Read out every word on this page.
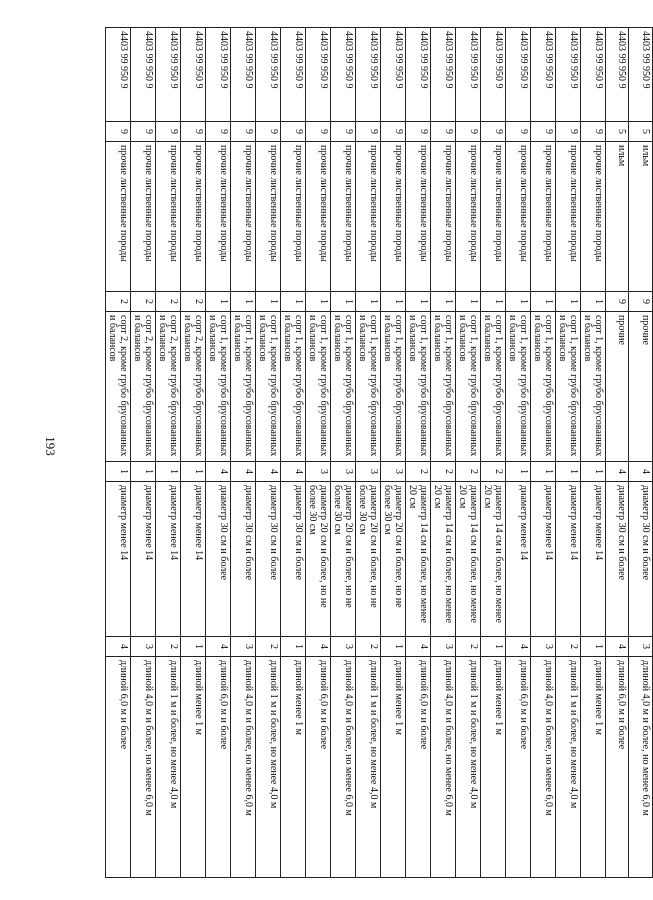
193
4403 99 950 9	5	ильм	9	прочие	4	диаметр 30 см и более	3	длиной 4,0 м и более, но менее 6,0 м
4403 99 950 9	5	ильм	9	прочие	4	диаметр 30 см и более	4	длиной 6,0 м и более
4403 99 950 9	9	прочие лиственные породы	1	сорт 1, кроме грубо брусованных и балансов	1	диаметр менее 14	1	длиной менее 1 м
4403 99 950 9	9	прочие лиственные породы	1	сорт 1, кроме грубо брусованных и балансов	1	диаметр менее 14	2	длиной 1 м и более, но менее 4,0 м
4403 99 950 9	9	прочие лиственные породы	1	сорт 1, кроме грубо брусованных и балансов	1	диаметр менее 14	3	длиной 4,0 м и более, но менее 6,0 м
4403 99 950 9	9	прочие лиственные породы	1	сорт 1, кроме грубо брусованных и балансов	1	диаметр менее 14	4	длиной 6,0 м и более
4403 99 950 9	9	прочие лиственные породы	1	сорт 1, кроме грубо брусованных и балансов	2	диаметр 14 см и более, но менее 20 см	1	длиной менее 1 м
4403 99 950 9	9	прочие лиственные породы	1	сорт 1, кроме грубо брусованных и балансов	2	диаметр 14 см и более, но менее 20 см	2	длиной 1 м и более, но менее 4,0 м
4403 99 950 9	9	прочие лиственные породы	1	сорт 1, кроме грубо брусованных и балансов	2	диаметр 14 см и более, но менее 20 см	3	длиной 4,0 м и более, но менее 6,0 м
4403 99 950 9	9	прочие лиственные породы	1	сорт 1, кроме грубо брусованных и балансов	2	диаметр 14 см и более, но менее 20 см	4	длиной 6,0 м и более
4403 99 950 9	9	прочие лиственные породы	1	сорт 1, кроме грубо брусованных и балансов	3	диаметр 20 см и более, но не более 30 см	1	длиной менее 1 м
4403 99 950 9	9	прочие лиственные породы	1	сорт 1, кроме грубо брусованных и балансов	3	диаметр 20 см и более, но не более 30 см	2	длиной 1 м и более, но менее 4,0 м
4403 99 950 9	9	прочие лиственные породы	1	сорт 1, кроме грубо брусованных и балансов	3	диаметр 20 см и более, но не более 30 см	3	длиной 4,0 м и более, но менее 6,0 м
4403 99 950 9	9	прочие лиственные породы	1	сорт 1, кроме грубо брусованных и балансов	3	диаметр 20 см и более, но не более 30 см	4	длиной 6,0 м и более
4403 99 950 9	9	прочие лиственные породы	1	сорт 1, кроме грубо брусованных и балансов	4	диаметр 30 см и более	1	длиной менее 1 м
4403 99 950 9	9	прочие лиственные породы	1	сорт 1, кроме грубо брусованных и балансов	4	диаметр 30 см и более	2	длиной 1 м и более, но менее 4,0 м
4403 99 950 9	9	прочие лиственные породы	1	сорт 1, кроме грубо брусованных и балансов	4	диаметр 30 см и более	3	длиной 4,0 м и более, но менее 6,0 м
4403 99 950 9	9	прочие лиственные породы	1	сорт 1, кроме грубо брусованных и балансов	4	диаметр 30 см и более	4	длиной 6,0 м и более
4403 99 950 9	9	прочие лиственные породы	2	сорт 2, кроме грубо брусованных и балансов	1	диаметр менее 14	1	длиной менее 1 м
4403 99 950 9	9	прочие лиственные породы	2	сорт 2, кроме грубо брусованных и балансов	1	диаметр менее 14	2	длиной 1 м и более, но менее 4,0 м
4403 99 950 9	9	прочие лиственные породы	2	сорт 2, кроме грубо брусованных и балансов	1	диаметр менее 14	3	длиной 4,0 м и более, но менее 6,0 м
4403 99 950 9	9	прочие лиственные породы	2	сорт 2, кроме грубо брусованных и балансов	1	диаметр менее 14	4	длиной 6,0 м и более
